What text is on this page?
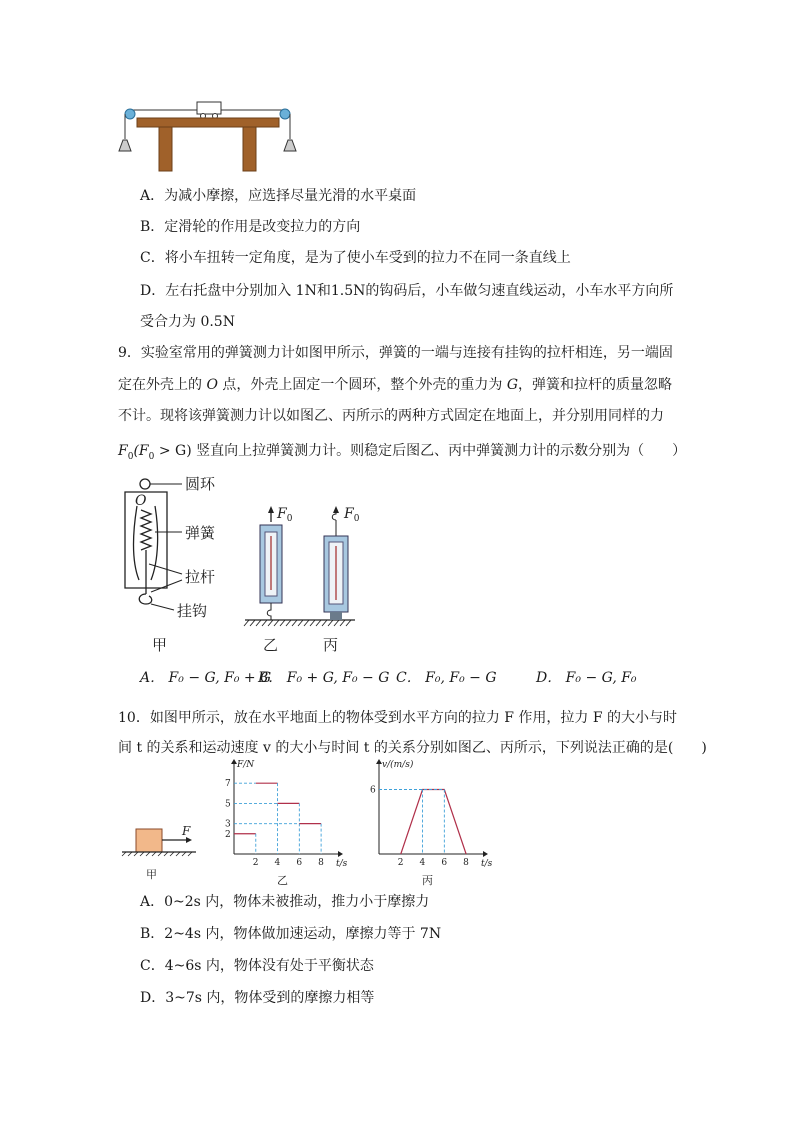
A．为减小摩擦，应选择尽量光滑的水平桌面
B．定滑轮的作用是改变拉力的方向
C．将小车扭转一定角度，是为了使小车受到的拉力不在同一条直线上
D．左右托盘中分别加入 1N和1.5N的钩码后，小车做匀速直线运动，小车水平方向所
受合力为 0.5N
9．实验室常用的弹簧测力计如图甲所示，弹簧的一端与连接有挂钩的拉杆相连，另一端固
定在外壳上的 O 点，外壳上固定一个圆环，整个外壳的重力为 G，弹簧和拉杆的质量忽略
不计。现将该弹簧测力计以如图乙、丙所示的两种方式固定在地面上，并分别用同样的力
$F_0(F_0 > G)$ 竖直向上拉弹簧测力计。则稳定后图乙、丙中弹簧测力计的示数分别为（　　）
O
圆环
弹簧
拉杆
挂钩
甲
$F_0$
乙
$F_0$
丙
A． F₀ − G, F₀ + G
B． F₀ + G, F₀ − G C． F₀, F₀ − G	D． F₀ − G, F₀
10．如图甲所示，放在水平地面上的物体受到水平方向的拉力 F 作用，拉力 F 的大小与时
间 t 的关系和运动速度 v 的大小与时间 t 的关系分别如图乙、丙所示，下列说法正确的是(　　)
F
甲
F/N
t/s
2 4 6 8
2
3
5
7
乙
v/(m/s)
t/s
2 4 6 8
6
丙
A．0~2s 内，物体未被推动，推力小于摩擦力
B．2~4s 内，物体做加速运动，摩擦力等于 7N
C．4~6s 内，物体没有处于平衡状态
D．3~7s 内，物体受到的摩擦力相等
